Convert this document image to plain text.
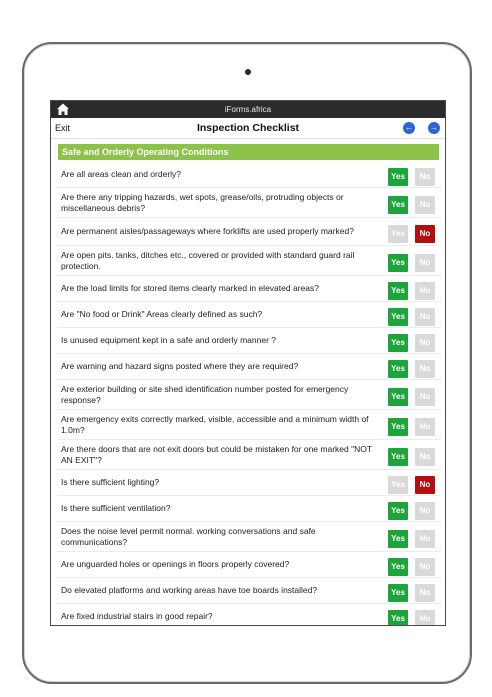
iForms.africa
Exit	Inspection Checklist	← →
Safe and Orderly Operating Conditions
Are all areas clean and orderly?	Yes	No
Are there any tripping hazards, wet spots, grease/oils, protruding objects or miscellaneous debris?	Yes	No
Are permanent aisles/passageways where forklifts are used properly marked?	Yes	No
Are open pits. tanks, ditches etc., covered or provided with standard guard rail protection.	Yes	No
Are the load limits for stored items clearly marked in elevated areas?	Yes	No
Are "No food or Drink" Areas clearly defined as such?	Yes	No
Is unused equipment kept in a safe and orderly manner ?	Yes	No
Are warning and hazard signs posted where they are required?	Yes	No
Are exterior building or site shed identification number posted for emergency response?	Yes	No
Are emergency exits correctly marked, visible, accessible and a minimum width of 1.0m?	Yes	No
Are there doors that are not exit doors but could be mistaken for one marked "NOT AN EXIT"?	Yes	No
Is there sufficient lighting?	Yes	No
Is there sufficient ventilation?	Yes	No
Does the noise level permit normal. working conversations and safe communications?	Yes	No
Are unguarded holes or openings in floors properly covered?	Yes	No
Do elevated platforms and working areas have toe boards installed?	Yes	No
Are fixed industrial stairs in good repair?	Yes	No
